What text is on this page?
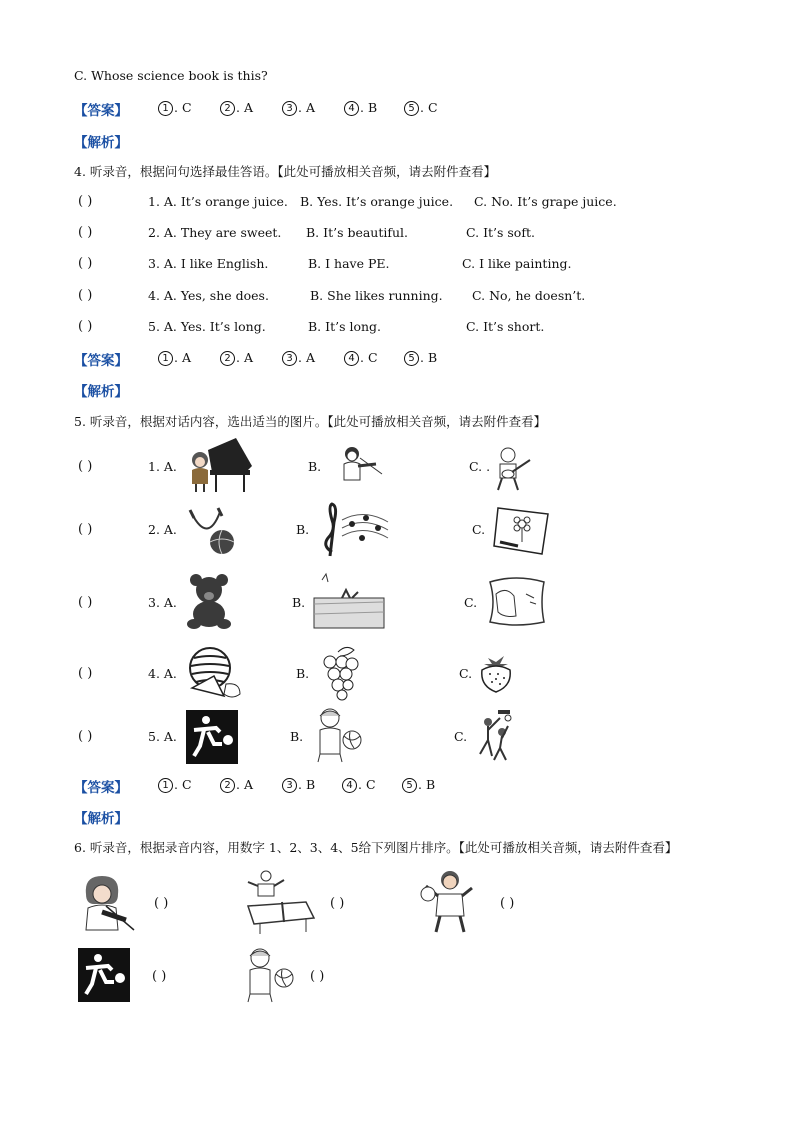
C. Whose science book is this?
【答案】	1 . C	2 . A	3 . A	4 . B	5 . C
【解析】
4. 听录音，根据问句选择最佳答语。【此处可播放相关音频，请去附件查看】
( )	1. A. It’s orange juice. B. Yes. It’s orange juice. C. No. It’s grape juice.
( )	2. A. They are sweet. B. It’s beautiful.	C. It’s soft.
( )	3. A. I like English.	B. I have PE.	C. I like painting.
( )	4. A. Yes, she does.	B. She likes running. C. No, he doesn’t.
( )	5. A. Yes. It’s long.	B. It’s long.	C. It’s short.
【答案】	1 . A	2 . A	3 . A	4 . C	5 . B
【解析】
5. 听录音，根据对话内容，选出适当的图片。【此处可播放相关音频，请去附件查看】
( )	1. A.	B.	C. .
( )	2. A.	B.	C.
( )	3. A.	B.	C.
( )	4. A.	B.	C.
( )	5. A.	B.	C.
【答案】	1 . C	2 . A	3 . B	4 . C	5 . B
【解析】
6. 听录音，根据录音内容，用数字 1、2、3、4、5给下列图片排序。【此处可播放相关音频，请去附件查看】
( )	( )	( )
( )	( )
